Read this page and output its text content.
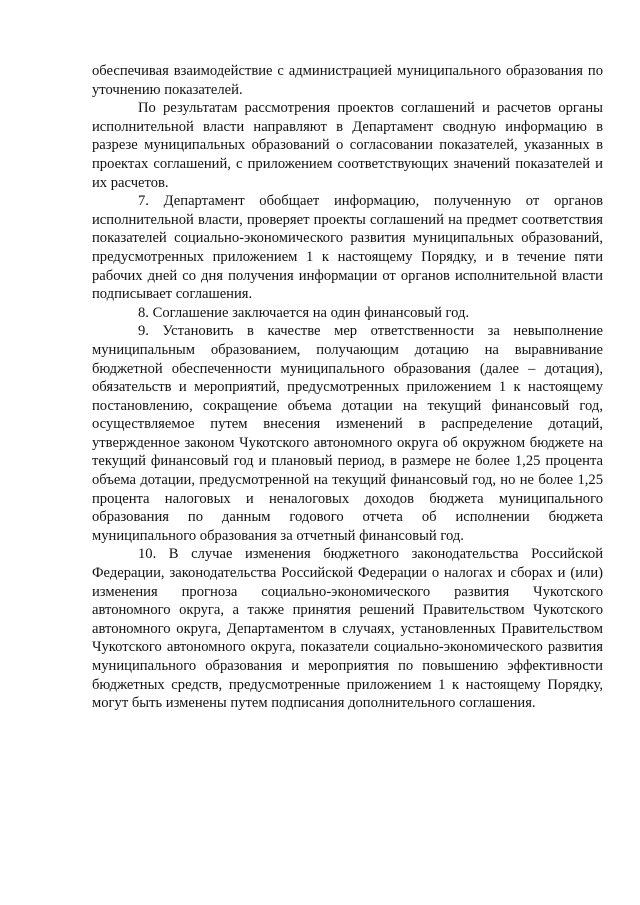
обеспечивая взаимодействие с администрацией муниципального образования по уточнению показателей.

По результатам рассмотрения проектов соглашений и расчетов органы исполнительной власти направляют в Департамент сводную информацию в разрезе муниципальных образований о согласовании показателей, указанных в проектах соглашений, с приложением соответствующих значений показателей и их расчетов.

7. Департамент обобщает информацию, полученную от органов исполнительной власти, проверяет проекты соглашений на предмет соответствия показателей социально-экономического развития муниципальных образований, предусмотренных приложением 1 к настоящему Порядку, и в течение пяти рабочих дней со дня получения информации от органов исполнительной власти подписывает соглашения.

8. Соглашение заключается на один финансовый год.

9. Установить в качестве мер ответственности за невыполнение муниципальным образованием, получающим дотацию на выравнивание бюджетной обеспеченности муниципального образования (далее – дотация), обязательств и мероприятий, предусмотренных приложением 1 к настоящему постановлению, сокращение объема дотации на текущий финансовый год, осуществляемое путем внесения изменений в распределение дотаций, утвержденное законом Чукотского автономного округа об окружном бюджете на текущий финансовый год и плановый период, в размере не более 1,25 процента объема дотации, предусмотренной на текущий финансовый год, но не более 1,25 процента налоговых и неналоговых доходов бюджета муниципального образования по данным годового отчета об исполнении бюджета муниципального образования за отчетный финансовый год.

10. В случае изменения бюджетного законодательства Российской Федерации, законодательства Российской Федерации о налогах и сборах и (или) изменения прогноза социально-экономического развития Чукотского автономного округа, а также принятия решений Правительством Чукотского автономного округа, Департаментом в случаях, установленных Правительством Чукотского автономного округа, показатели социально-экономического развития муниципального образования и мероприятия по повышению эффективности бюджетных средств, предусмотренные приложением 1 к настоящему Порядку, могут быть изменены путем подписания дополнительного соглашения.
